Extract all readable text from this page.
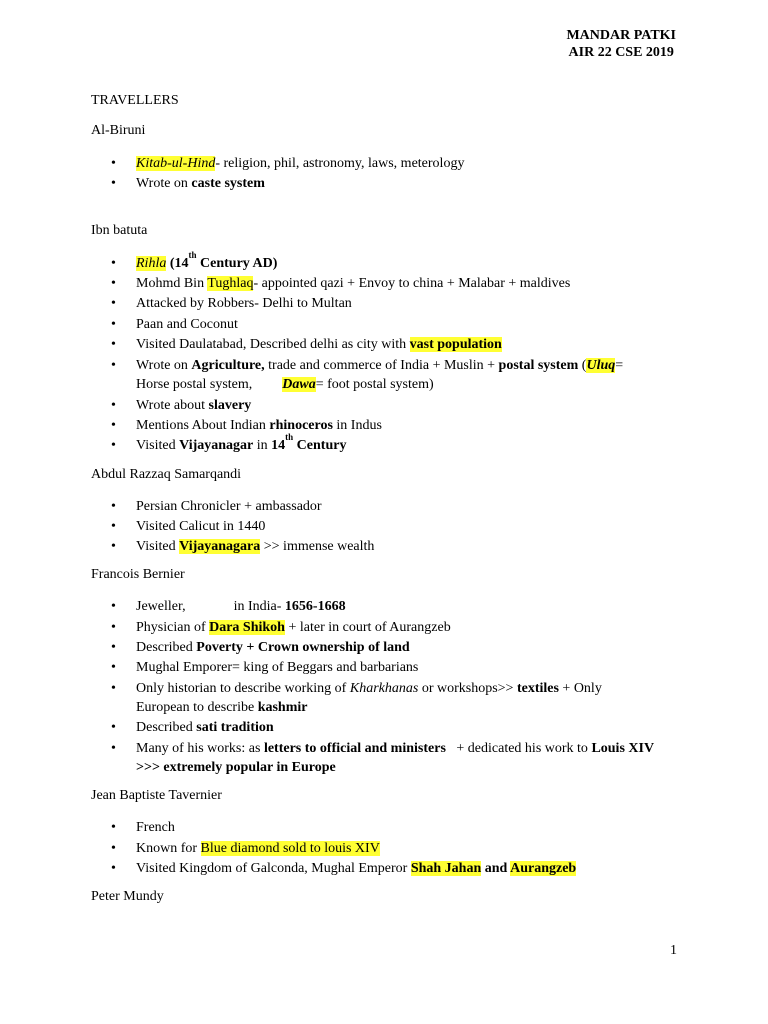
MANDAR PATKI
AIR 22 CSE 2019
TRAVELLERS
Al-Biruni
• Kitab-ul-Hind- religion, phil, astronomy, laws, meterology
• Wrote on caste system
Ibn batuta
• Rihla (14th Century AD)
• Mohmd Bin Tughlaq- appointed qazi + Envoy to china + Malabar + maldives
• Attacked by Robbers- Delhi to Multan
• Paan and Coconut
• Visited Daulatabad, Described delhi as city with vast population
• Wrote on Agriculture, trade and commerce of India + Muslin + postal system (Uluq=
Horse postal system, Dawa= foot postal system)
• Wrote about slavery
• Mentions About Indian rhinoceros in Indus
• Visited Vijayanagar in 14th Century
Abdul Razzaq Samarqandi
• Persian Chronicler + ambassador
• Visited Calicut in 1440
• Visited Vijayanagara >> immense wealth
Francois Bernier
• Jeweller,	in India- 1656-1668
• Physician of Dara Shikoh + later in court of Aurangzeb
• Described Poverty + Crown ownership of land
• Mughal Emporer= king of Beggars and barbarians
• Only historian to describe working of Kharkhanas or workshops>> textiles + Only European to describe kashmir
• Described sati tradition
• Many of his works: as letters to official and ministers   + dedicated his work to Louis XIV >>> extremely popular in Europe
Jean Baptiste Tavernier
• French
• Known for Blue diamond sold to louis XIV
• Visited Kingdom of Galconda, Mughal Emperor Shah Jahan and Aurangzeb
Peter Mundy
1
